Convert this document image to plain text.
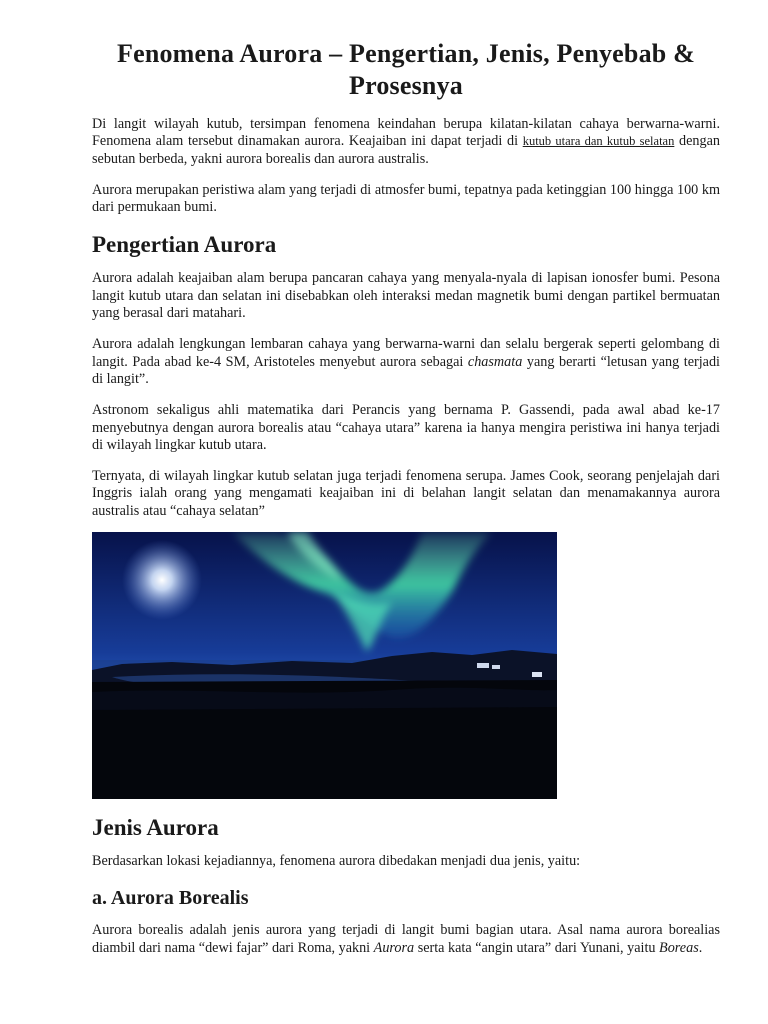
Fenomena Aurora – Pengertian, Jenis, Penyebab & Prosesnya

Di langit wilayah kutub, tersimpan fenomena keindahan berupa kilatan-kilatan cahaya berwarna-warni. Fenomena alam tersebut dinamakan aurora. Keajaiban ini dapat terjadi di kutub utara dan kutub selatan dengan sebutan berbeda, yakni aurora borealis dan aurora australis.

Aurora merupakan peristiwa alam yang terjadi di atmosfer bumi, tepatnya pada ketinggian 100 hingga 100 km dari permukaan bumi.

Pengertian Aurora

Aurora adalah keajaiban alam berupa pancaran cahaya yang menyala-nyala di lapisan ionosfer bumi. Pesona langit kutub utara dan selatan ini disebabkan oleh interaksi medan magnetik bumi dengan partikel bermuatan yang berasal dari matahari.

Aurora adalah lengkungan lembaran cahaya yang berwarna-warni dan selalu bergerak seperti gelombang di langit. Pada abad ke-4 SM, Aristoteles menyebut aurora sebagai chasmata yang berarti “letusan yang terjadi di langit”.

Astronom sekaligus ahli matematika dari Perancis yang bernama P. Gassendi, pada awal abad ke-17 menyebutnya dengan aurora borealis atau “cahaya utara” karena ia hanya mengira peristiwa ini hanya terjadi di wilayah lingkar kutub utara.

Ternyata, di wilayah lingkar kutub selatan juga terjadi fenomena serupa. James Cook, seorang penjelajah dari Inggris ialah orang yang mengamati keajaiban ini di belahan langit selatan dan menamakannya aurora australis atau “cahaya selatan”

Jenis Aurora

Berdasarkan lokasi kejadiannya, fenomena aurora dibedakan menjadi dua jenis, yaitu:

a. Aurora Borealis

Aurora borealis adalah jenis aurora yang terjadi di langit bumi bagian utara. Asal nama aurora borealias diambil dari nama “dewi fajar” dari Roma, yakni Aurora serta kata “angin utara” dari Yunani, yaitu Boreas.
